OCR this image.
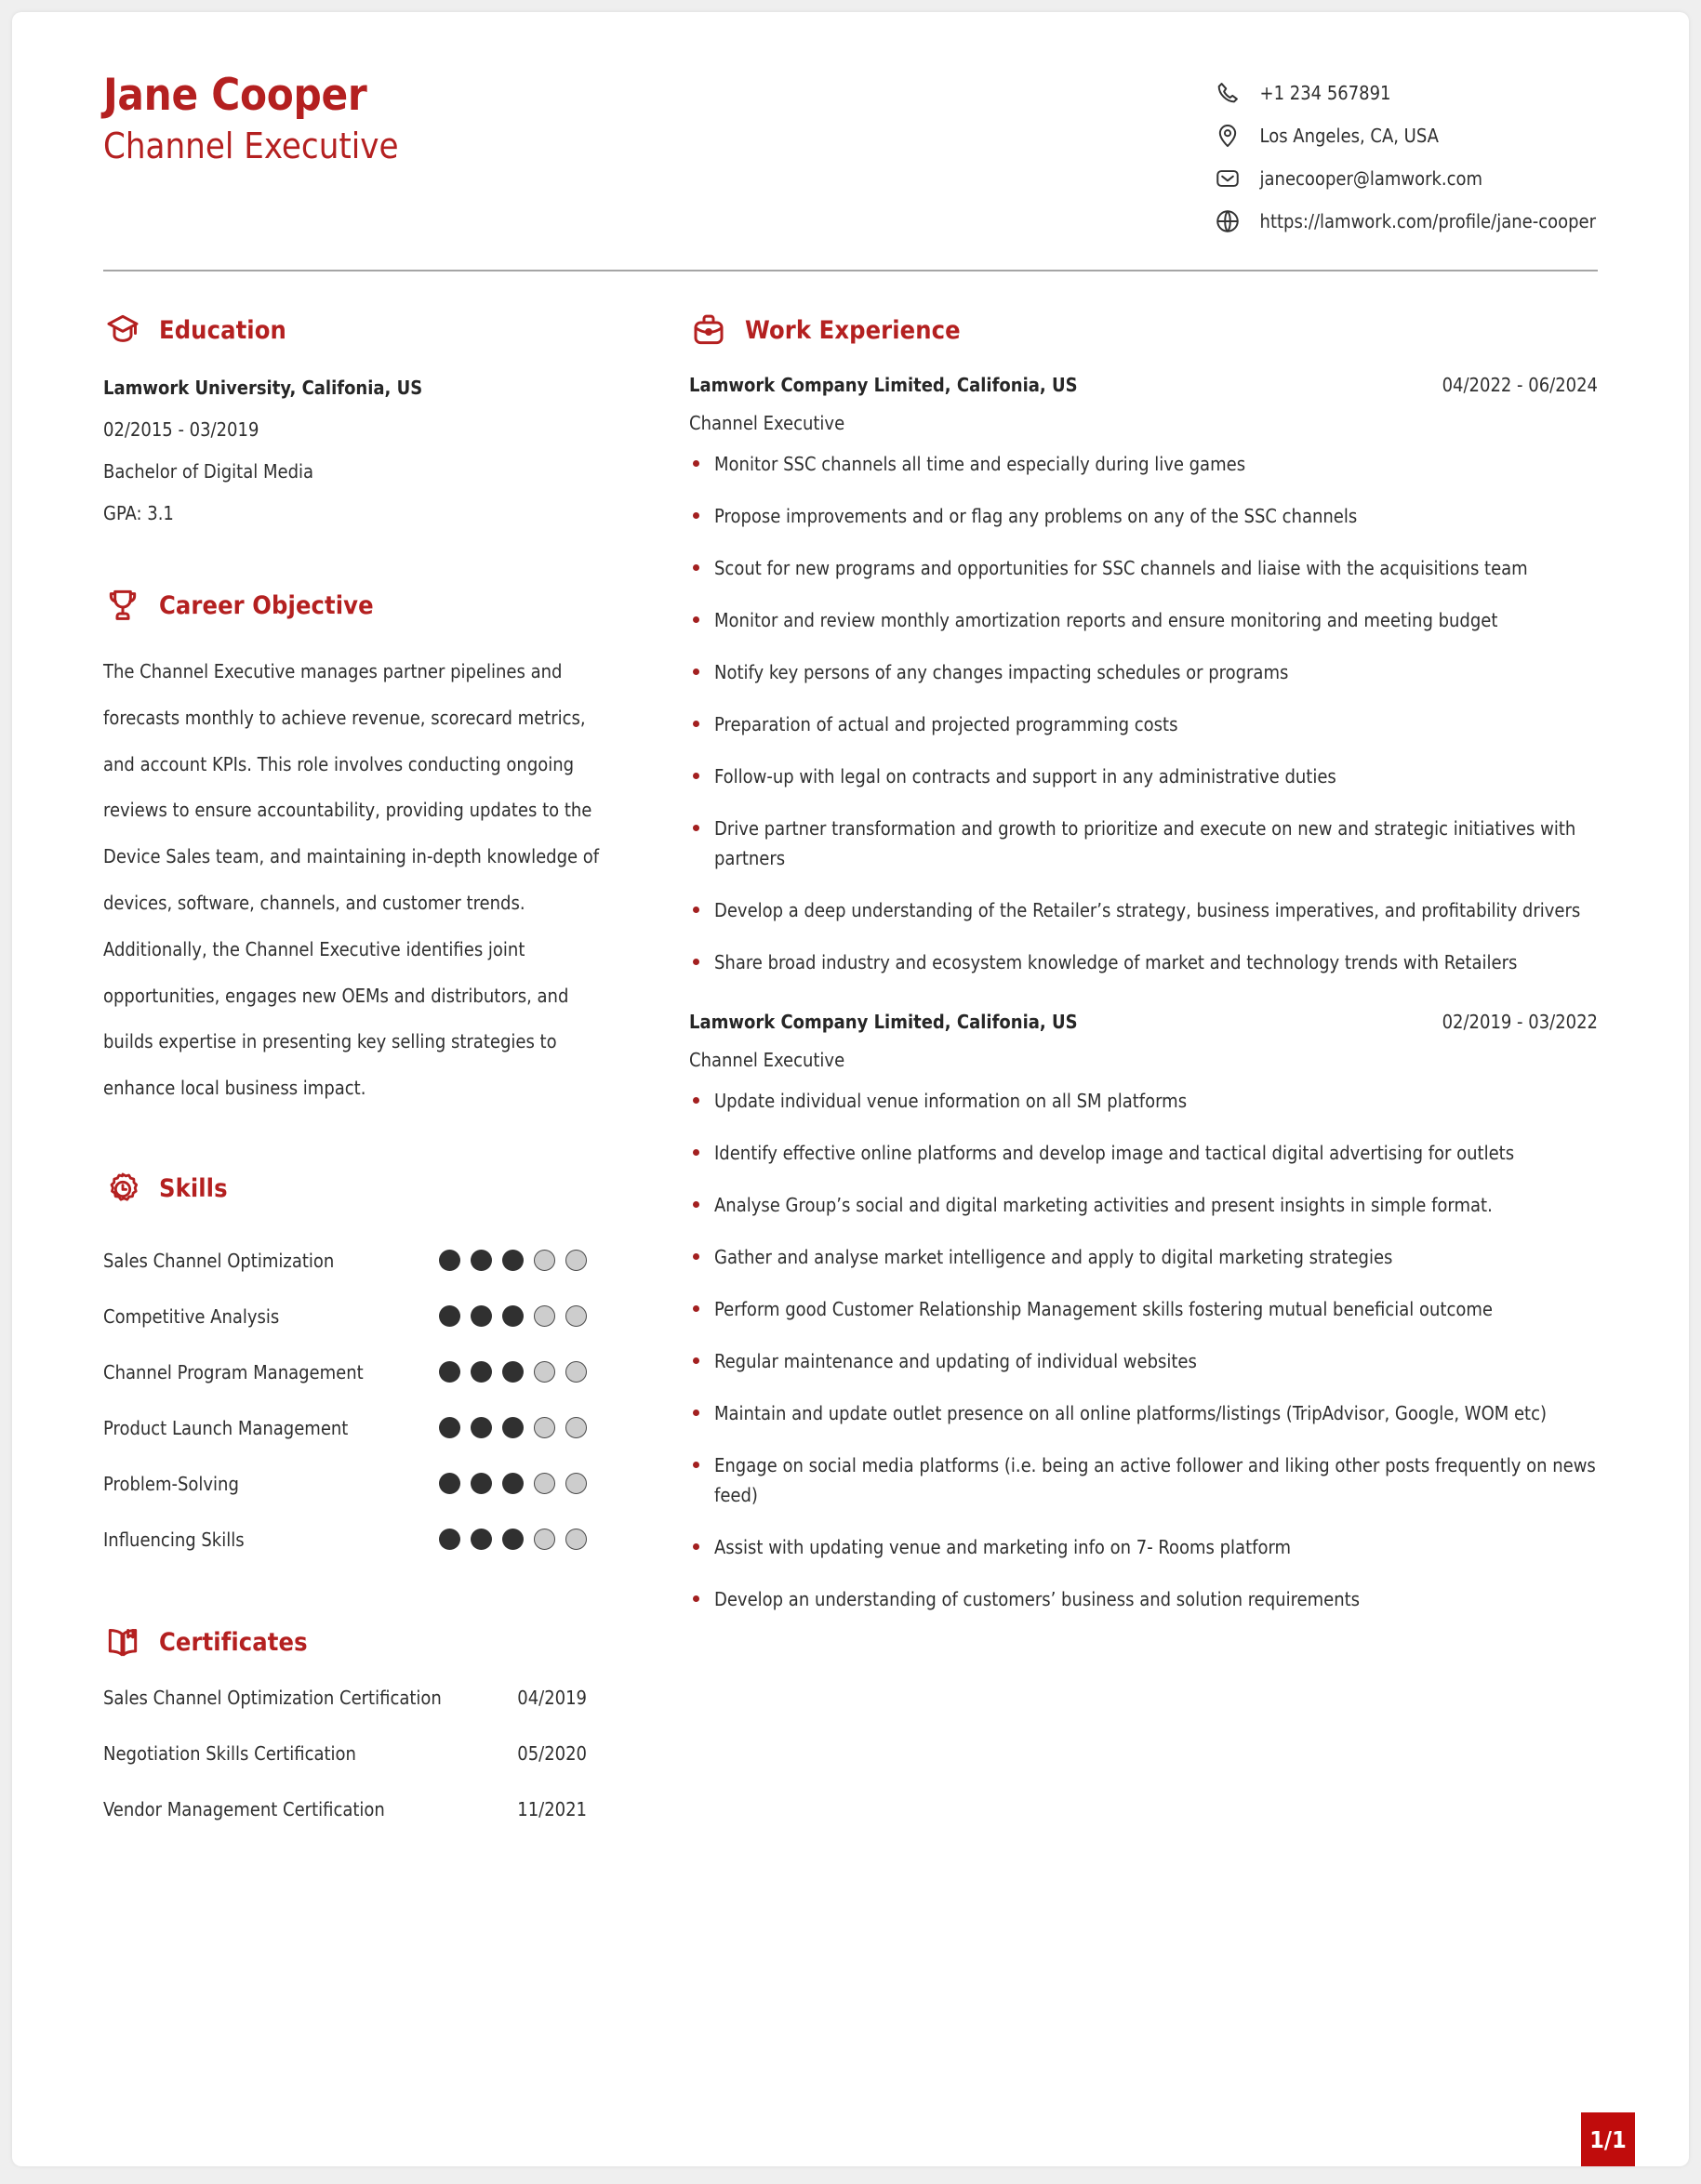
Jane Cooper
Channel Executive
+1 234 567891
Los Angeles, CA, USA
janecooper@lamwork.com
https://lamwork.com/profile/jane-cooper
Education
Lamwork University, Califonia, US
02/2015 - 03/2019
Bachelor of Digital Media
GPA: 3.1
Career Objective
The Channel Executive manages partner pipelines and forecasts monthly to achieve revenue, scorecard metrics, and account KPIs. This role involves conducting ongoing reviews to ensure accountability, providing updates to the Device Sales team, and maintaining in-depth knowledge of devices, software, channels, and customer trends. Additionally, the Channel Executive identifies joint opportunities, engages new OEMs and distributors, and builds expertise in presenting key selling strategies to enhance local business impact.
Skills
Sales Channel Optimization
Competitive Analysis
Channel Program Management
Product Launch Management
Problem-Solving
Influencing Skills
Certificates
Sales Channel Optimization Certification	04/2019
Negotiation Skills Certification	05/2020
Vendor Management Certification	11/2021
Work Experience
Lamwork Company Limited, Califonia, US	04/2022 - 06/2024
Channel Executive
Monitor SSC channels all time and especially during live games
Propose improvements and or flag any problems on any of the SSC channels
Scout for new programs and opportunities for SSC channels and liaise with the acquisitions team
Monitor and review monthly amortization reports and ensure monitoring and meeting budget
Notify key persons of any changes impacting schedules or programs
Preparation of actual and projected programming costs
Follow-up with legal on contracts and support in any administrative duties
Drive partner transformation and growth to prioritize and execute on new and strategic initiatives with partners
Develop a deep understanding of the Retailer’s strategy, business imperatives, and profitability drivers
Share broad industry and ecosystem knowledge of market and technology trends with Retailers
Lamwork Company Limited, Califonia, US	02/2019 - 03/2022
Channel Executive
Update individual venue information on all SM platforms
Identify effective online platforms and develop image and tactical digital advertising for outlets
Analyse Group’s social and digital marketing activities and present insights in simple format.
Gather and analyse market intelligence and apply to digital marketing strategies
Perform good Customer Relationship Management skills fostering mutual beneficial outcome
Regular maintenance and updating of individual websites
Maintain and update outlet presence on all online platforms/listings (TripAdvisor, Google, WOM etc)
Engage on social media platforms (i.e. being an active follower and liking other posts frequently on news feed)
Assist with updating venue and marketing info on 7- Rooms platform
Develop an understanding of customers’ business and solution requirements
1/1
